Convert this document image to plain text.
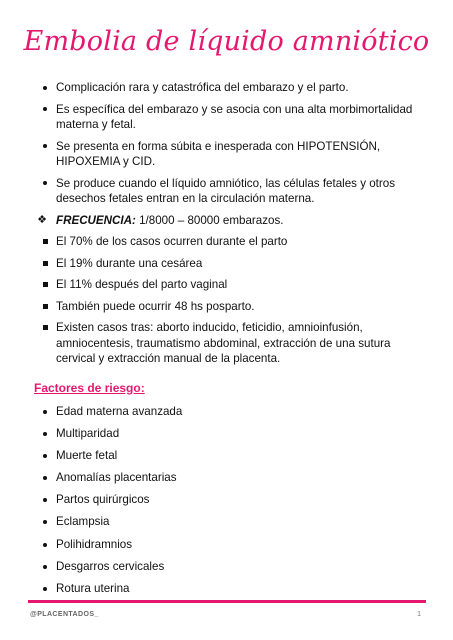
Embolia de líquido amniótico
Complicación rara y catastrófica del embarazo y el parto.
Es específica del embarazo y se asocia con una alta morbimortalidad materna y fetal.
Se presenta en forma súbita e inesperada con HIPOTENSIÓN, HIPOXEMIA y CID.
Se produce cuando el líquido amniótico, las células fetales y otros desechos fetales entran en la circulación materna.
❖ FRECUENCIA: 1/8000 – 80000 embarazos.
El 70% de los casos ocurren durante el parto
El 19% durante una cesárea
El 11% después del parto vaginal
También puede ocurrir 48 hs posparto.
Existen casos tras: aborto inducido, feticidio, amnioinfusión, amniocentesis, traumatismo abdominal, extracción de una sutura cervical y extracción manual de la placenta.
Factores de riesgo:
Edad materna avanzada
Multiparidad
Muerte fetal
Anomalías placentarias
Partos quirúrgicos
Eclampsia
Polihidramnios
Desgarros cervicales
Rotura uterina
@PLACENTADOS_	1
